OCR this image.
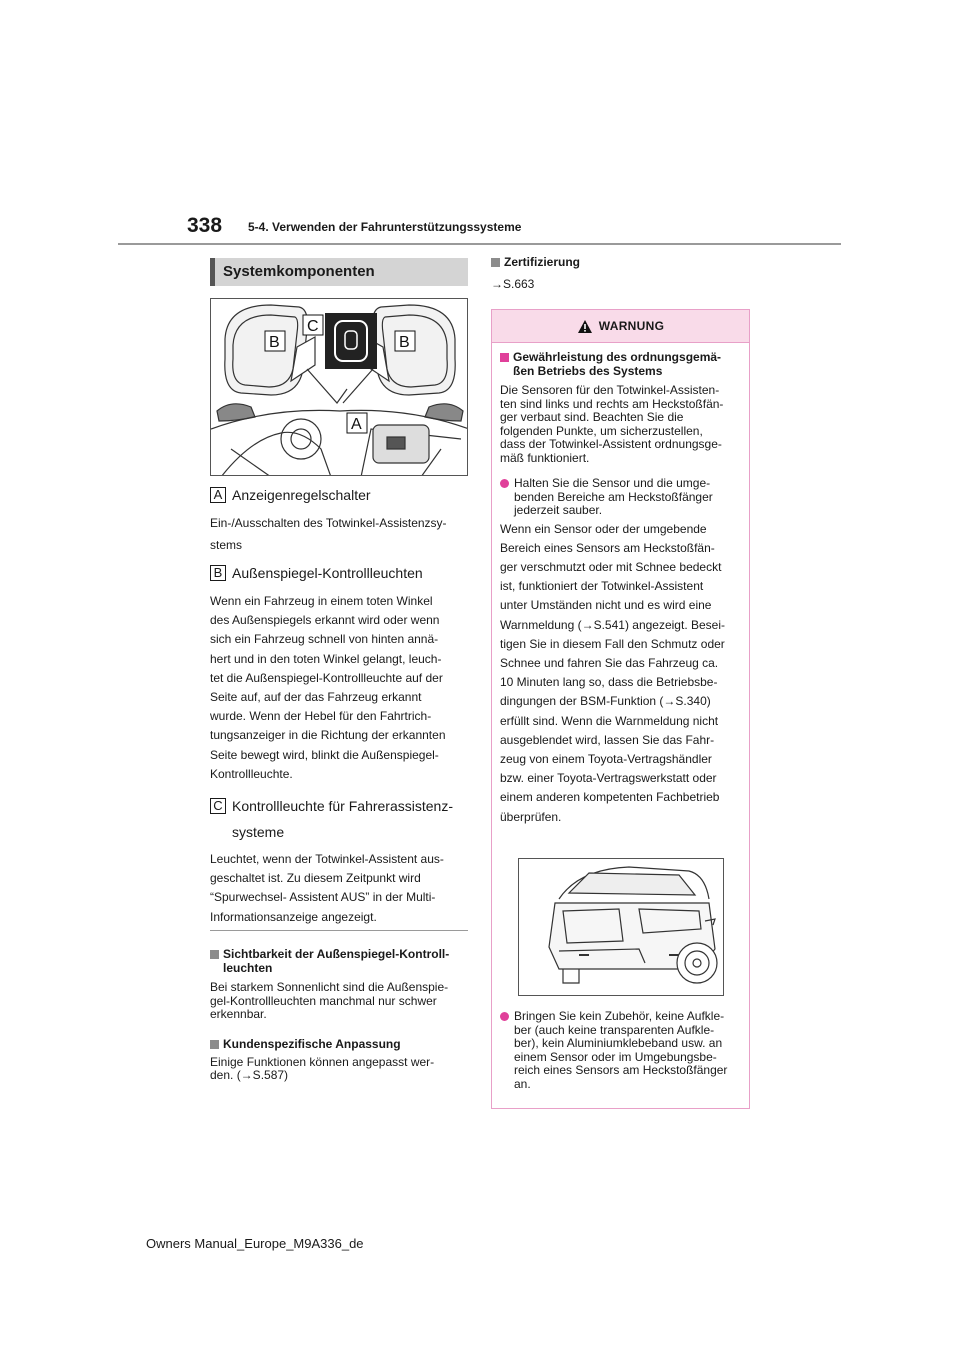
338 5-4. Verwenden der Fahrunterstützungssysteme
Systemkomponenten
B
C
B
A
A Anzeigenregelschalter
Ein-/Ausschalten des Totwinkel-Assistenzsy-
stems
B Außenspiegel-Kontrollleuchten
Wenn ein Fahrzeug in einem toten Winkel
des Außenspiegels erkannt wird oder wenn
sich ein Fahrzeug schnell von hinten annä-
hert und in den toten Winkel gelangt, leuch-
tet die Außenspiegel-Kontrollleuchte auf der
Seite auf, auf der das Fahrzeug erkannt
wurde. Wenn der Hebel für den Fahrtrich-
tungsanzeiger in die Richtung der erkannten
Seite bewegt wird, blinkt die Außenspiegel-
Kontrollleuchte.
C Kontrollleuchte für Fahrerassistenz-
systeme
Leuchtet, wenn der Totwinkel-Assistent aus-
geschaltet ist. Zu diesem Zeitpunkt wird
“Spurwechsel- Assistent AUS” in der Multi-
Informationsanzeige angezeigt.
Sichtbarkeit der Außenspiegel-Kontroll-
leuchten
Bei starkem Sonnenlicht sind die Außenspie-
gel-Kontrollleuchten manchmal nur schwer
erkennbar.
Kundenspezifische Anpassung
Einige Funktionen können angepasst wer-
den. (→S.587)
Zertifizierung
→S.663
WARNUNG
Gewährleistung des ordnungsgemä-
ßen Betriebs des Systems
Die Sensoren für den Totwinkel-Assisten-
ten sind links und rechts am Heckstoßfän-
ger verbaut sind. Beachten Sie die
folgenden Punkte, um sicherzustellen,
dass der Totwinkel-Assistent ordnungsge-
mäß funktioniert.
Halten Sie die Sensor und die umge-
benden Bereiche am Heckstoßfänger
jederzeit sauber.
Wenn ein Sensor oder der umgebende
Bereich eines Sensors am Heckstoßfän-
ger verschmutzt oder mit Schnee bedeckt
ist, funktioniert der Totwinkel-Assistent
unter Umständen nicht und es wird eine
Warnmeldung (→S.541) angezeigt. Besei-
tigen Sie in diesem Fall den Schmutz oder
Schnee und fahren Sie das Fahrzeug ca.
10 Minuten lang so, dass die Betriebsbe-
dingungen der BSM-Funktion (→S.340)
erfüllt sind. Wenn die Warnmeldung nicht
ausgeblendet wird, lassen Sie das Fahr-
zeug von einem Toyota-Vertragshändler
bzw. einer Toyota-Vertragswerkstatt oder
einem anderen kompetenten Fachbetrieb
überprüfen.
Bringen Sie kein Zubehör, keine Aufkle-
ber (auch keine transparenten Aufkle-
ber), kein Aluminiumklebeband usw. an
einem Sensor oder im Umgebungsbe-
reich eines Sensors am Heckstoßfänger
an.
Owners Manual_Europe_M9A336_de
